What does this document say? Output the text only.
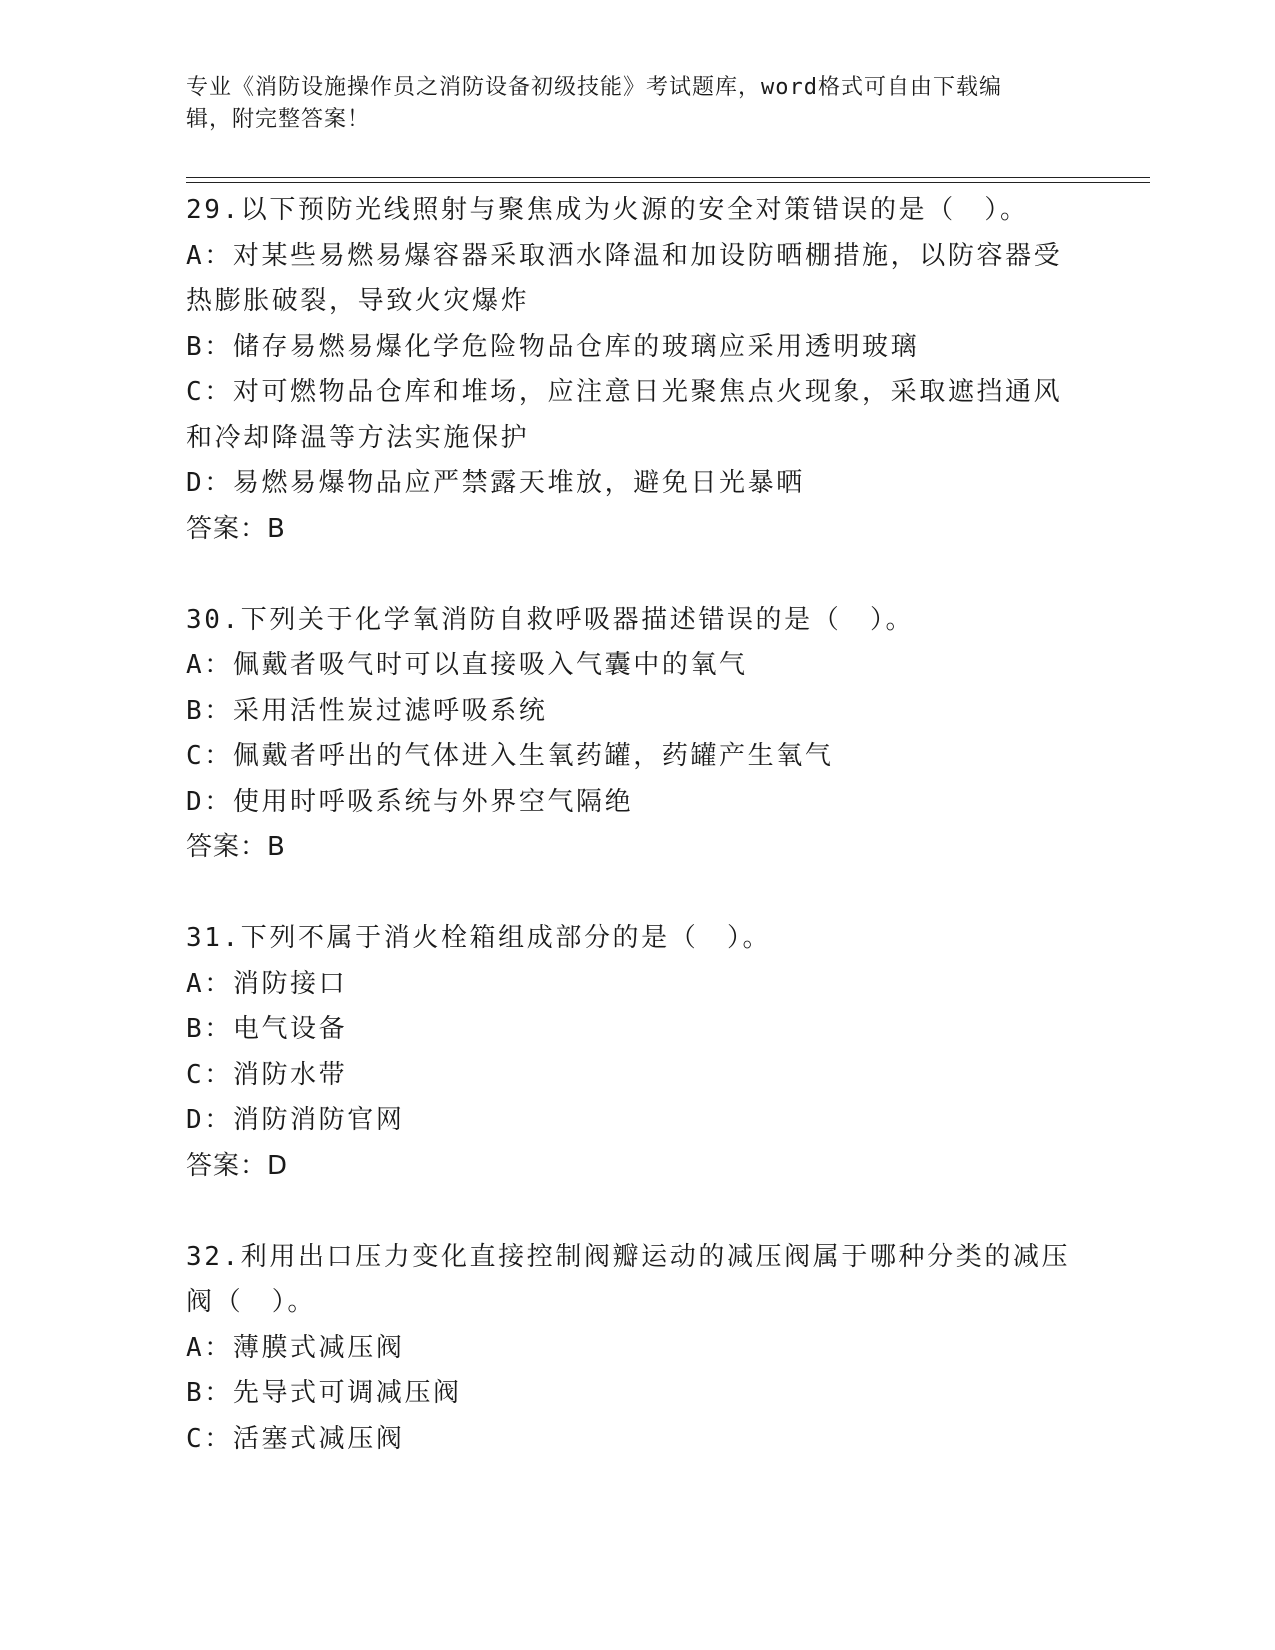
专业《消防设施操作员之消防设备初级技能》考试题库，word格式可自由下载编
辑，附完整答案！
29.以下预防光线照射与聚焦成为火源的安全对策错误的是（　）。
A：对某些易燃易爆容器采取洒水降温和加设防晒棚措施，以防容器受
热膨胀破裂，导致火灾爆炸
B：储存易燃易爆化学危险物品仓库的玻璃应采用透明玻璃
C：对可燃物品仓库和堆场，应注意日光聚焦点火现象，采取遮挡通风
和冷却降温等方法实施保护
D：易燃易爆物品应严禁露天堆放，避免日光暴晒
答案：B
30.下列关于化学氧消防自救呼吸器描述错误的是（　）。
A：佩戴者吸气时可以直接吸入气囊中的氧气
B：采用活性炭过滤呼吸系统
C：佩戴者呼出的气体进入生氧药罐，药罐产生氧气
D：使用时呼吸系统与外界空气隔绝
答案：B
31.下列不属于消火栓箱组成部分的是（　）。
A：消防接口
B：电气设备
C：消防水带
D：消防消防官网
答案：D
32.利用出口压力变化直接控制阀瓣运动的减压阀属于哪种分类的减压
阀（　）。
A：薄膜式减压阀
B：先导式可调减压阀
C：活塞式减压阀
